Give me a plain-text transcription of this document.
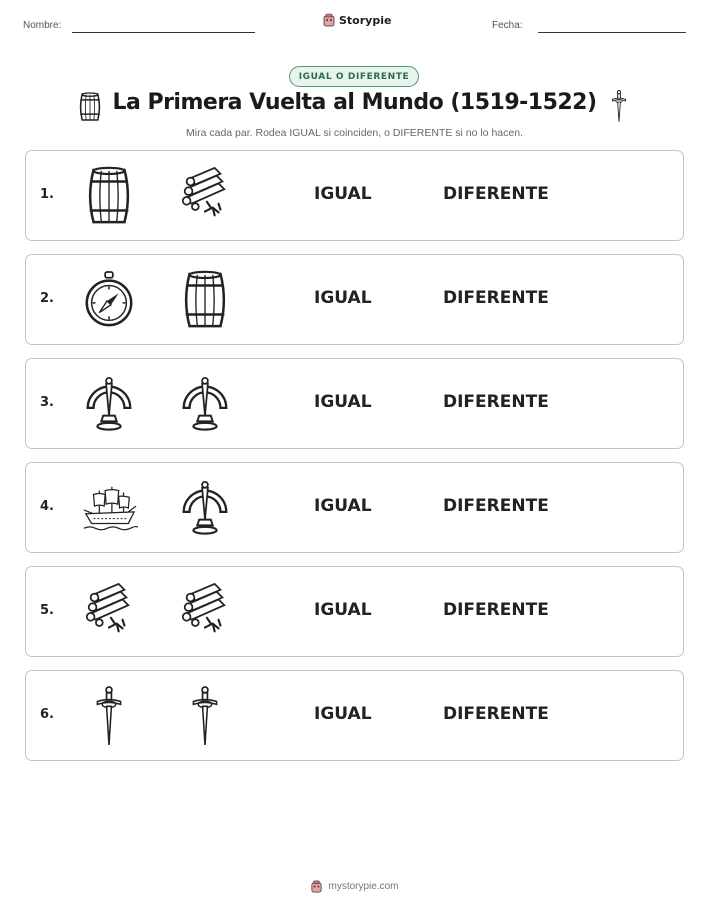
Nombre:	Storypie	Fecha:
IGUAL O DIFERENTE
La Primera Vuelta al Mundo (1519-1522)
Mira cada par. Rodea IGUAL si coinciden, o DIFERENTE si no lo hacen.
1.	IGUAL	DIFERENTE
2.	IGUAL	DIFERENTE
3.	IGUAL	DIFERENTE
4.	IGUAL	DIFERENTE
5.	IGUAL	DIFERENTE
6.	IGUAL	DIFERENTE
mystorypie.com
